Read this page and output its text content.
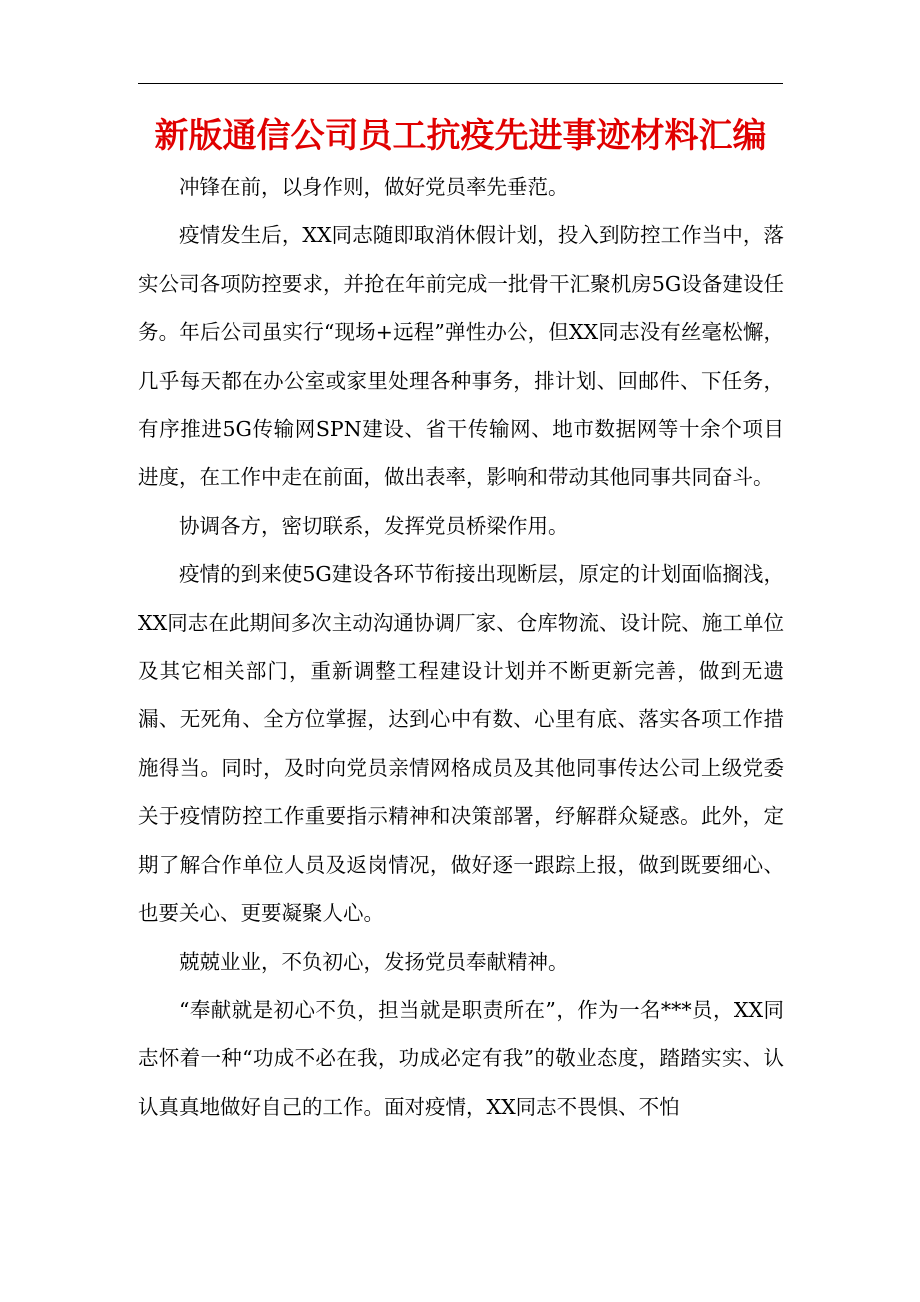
新版通信公司员工抗疫先进事迹材料汇编

冲锋在前，以身作则，做好党员率先垂范。

疫情发生后，XX同志随即取消休假计划，投入到防控工作当中，落实公司各项防控要求，并抢在年前完成一批骨干汇聚机房5G设备建设任务。年后公司虽实行“现场+远程”弹性办公，但XX同志没有丝毫松懈，几乎每天都在办公室或家里处理各种事务，排计划、回邮件、下任务，有序推进5G传输网SPN建设、省干传输网、地市数据网等十余个项目进度，在工作中走在前面，做出表率，影响和带动其他同事共同奋斗。

协调各方，密切联系，发挥党员桥梁作用。

疫情的到来使5G建设各环节衔接出现断层，原定的计划面临搁浅，XX同志在此期间多次主动沟通协调厂家、仓库物流、设计院、施工单位及其它相关部门，重新调整工程建设计划并不断更新完善，做到无遗漏、无死角、全方位掌握，达到心中有数、心里有底、落实各项工作措施得当。同时，及时向党员亲情网格成员及其他同事传达公司上级党委关于疫情防控工作重要指示精神和决策部署，纾解群众疑惑。此外，定期了解合作单位人员及返岗情况，做好逐一跟踪上报，做到既要细心、也要关心、更要凝聚人心。

兢兢业业，不负初心，发扬党员奉献精神。

“奉献就是初心不负，担当就是职责所在”，作为一名***员，XX同志怀着一种“功成不必在我，功成必定有我”的敬业态度，踏踏实实、认认真真地做好自己的工作。面对疫情，XX同志不畏惧、不怕
